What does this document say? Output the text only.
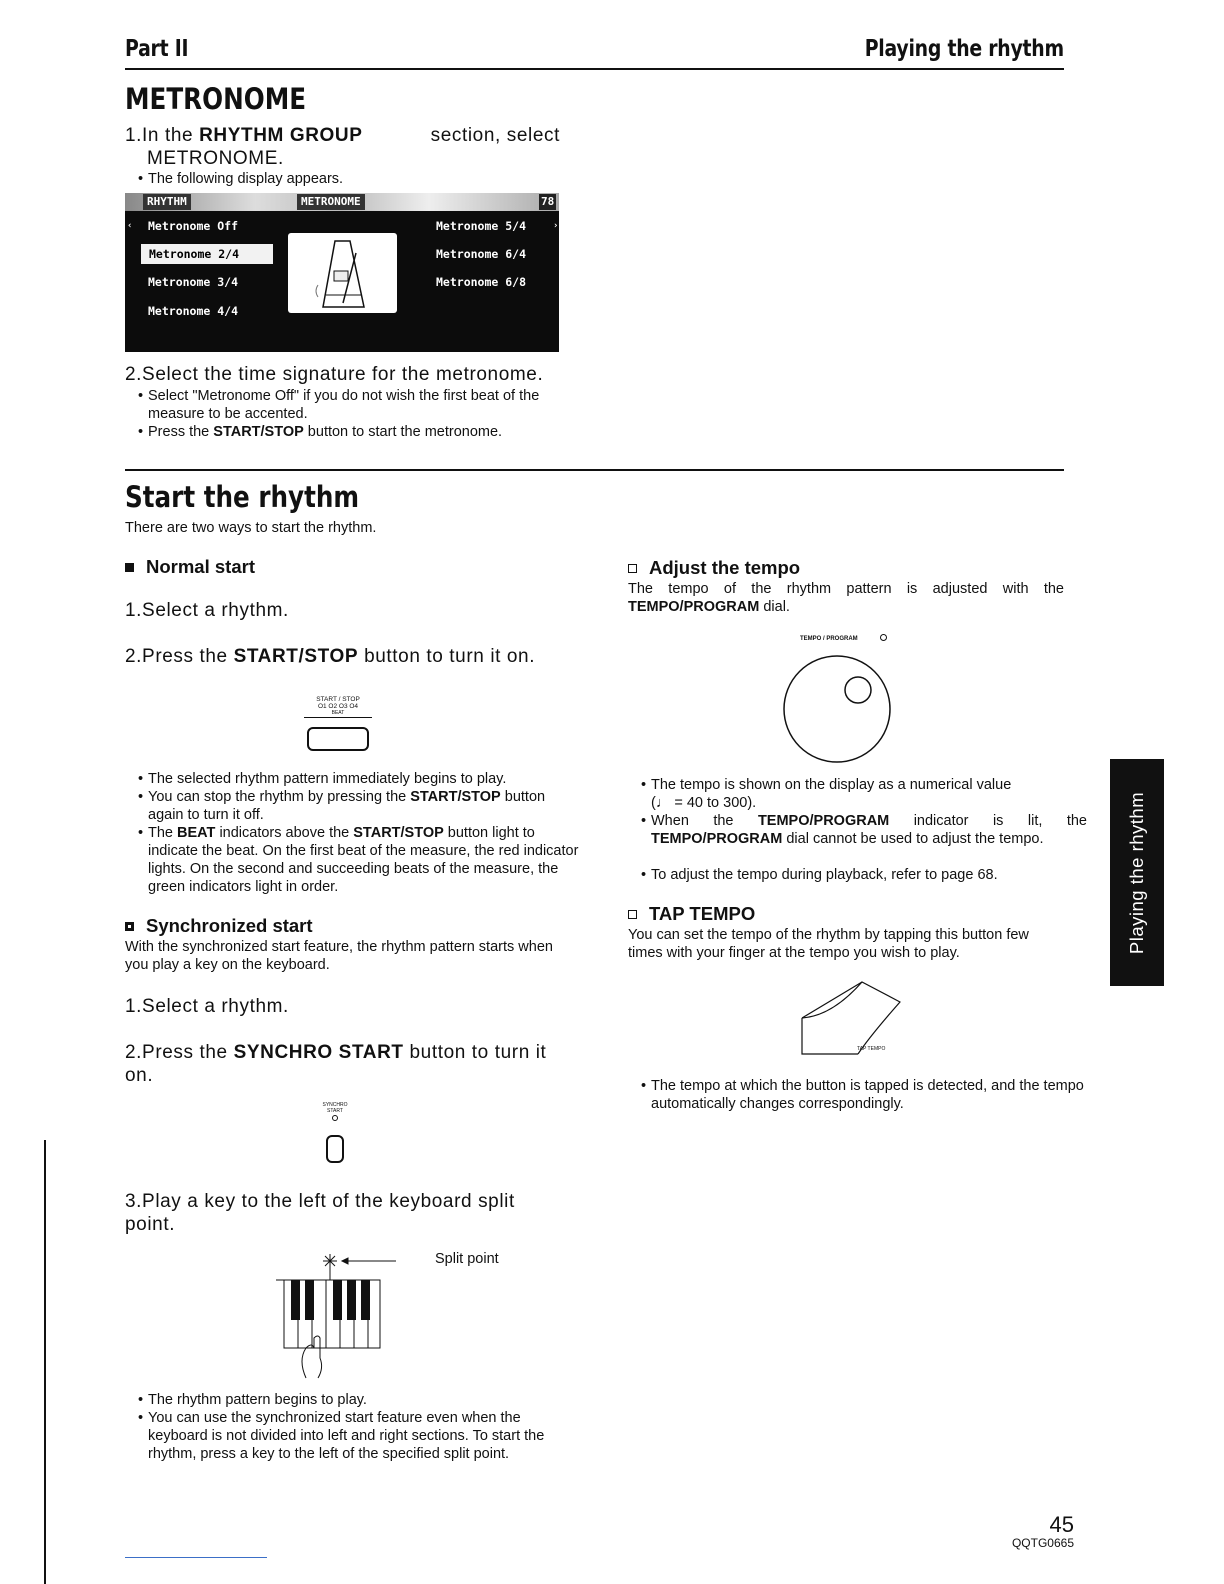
Part II	Playing the rhythm
METRONOME
1.In the RHYTHM GROUP	section, select
METRONOME.
• The following display appears.
RHYTHM	METRONOME	78
Metronome Off
Metronome 2/4
Metronome 3/4
Metronome 4/4
Metronome 5/4
Metronome 6/4
Metronome 6/8
‹	›
2.Select the time signature for the metronome.
• Select "Metronome Off" if you do not wish the first beat of the measure to be accented.
• Press the START/STOP button to start the metronome.
Start the rhythm
There are two ways to start the rhythm.
Normal start
1.Select a rhythm.
2.Press the START/STOP button to turn it on.
START / STOP
O1 O2 O3 O4
BEAT
• The selected rhythm pattern immediately begins to play.
• You can stop the rhythm by pressing the START/STOP button again to turn it off.
• The BEAT indicators above the START/STOP button light to indicate the beat. On the first beat of the measure, the red indicator lights. On the second and succeeding beats of the measure, the green indicators light in order.
Synchronized start
With the synchronized start feature, the rhythm pattern starts when you play a key on the keyboard.
1.Select a rhythm.
2.Press the SYNCHRO START button to turn it on.
SYNCHRO
START
3.Play a key to the left of the keyboard split point.
Split point
• The rhythm pattern begins to play.
• You can use the synchronized start feature even when the keyboard is not divided into left and right sections. To start the rhythm, press a key to the left of the specified split point.
Adjust the tempo
The tempo of the rhythm pattern is adjusted with the TEMPO/PROGRAM dial.
TEMPO / PROGRAM
• The tempo is shown on the display as a numerical value
(♩ = 40 to 300).
• When the TEMPO/PROGRAM indicator is lit, the TEMPO/PROGRAM dial cannot be used to adjust the tempo.
• To adjust the tempo during playback, refer to page 68.
TAP TEMPO
You can set the tempo of the rhythm by tapping this button few times with your finger at the tempo you wish to play.
TAP TEMPO
• The tempo at which the button is tapped is detected, and the tempo automatically changes correspondingly.
Playing the rhythm
45
QQTG0665
